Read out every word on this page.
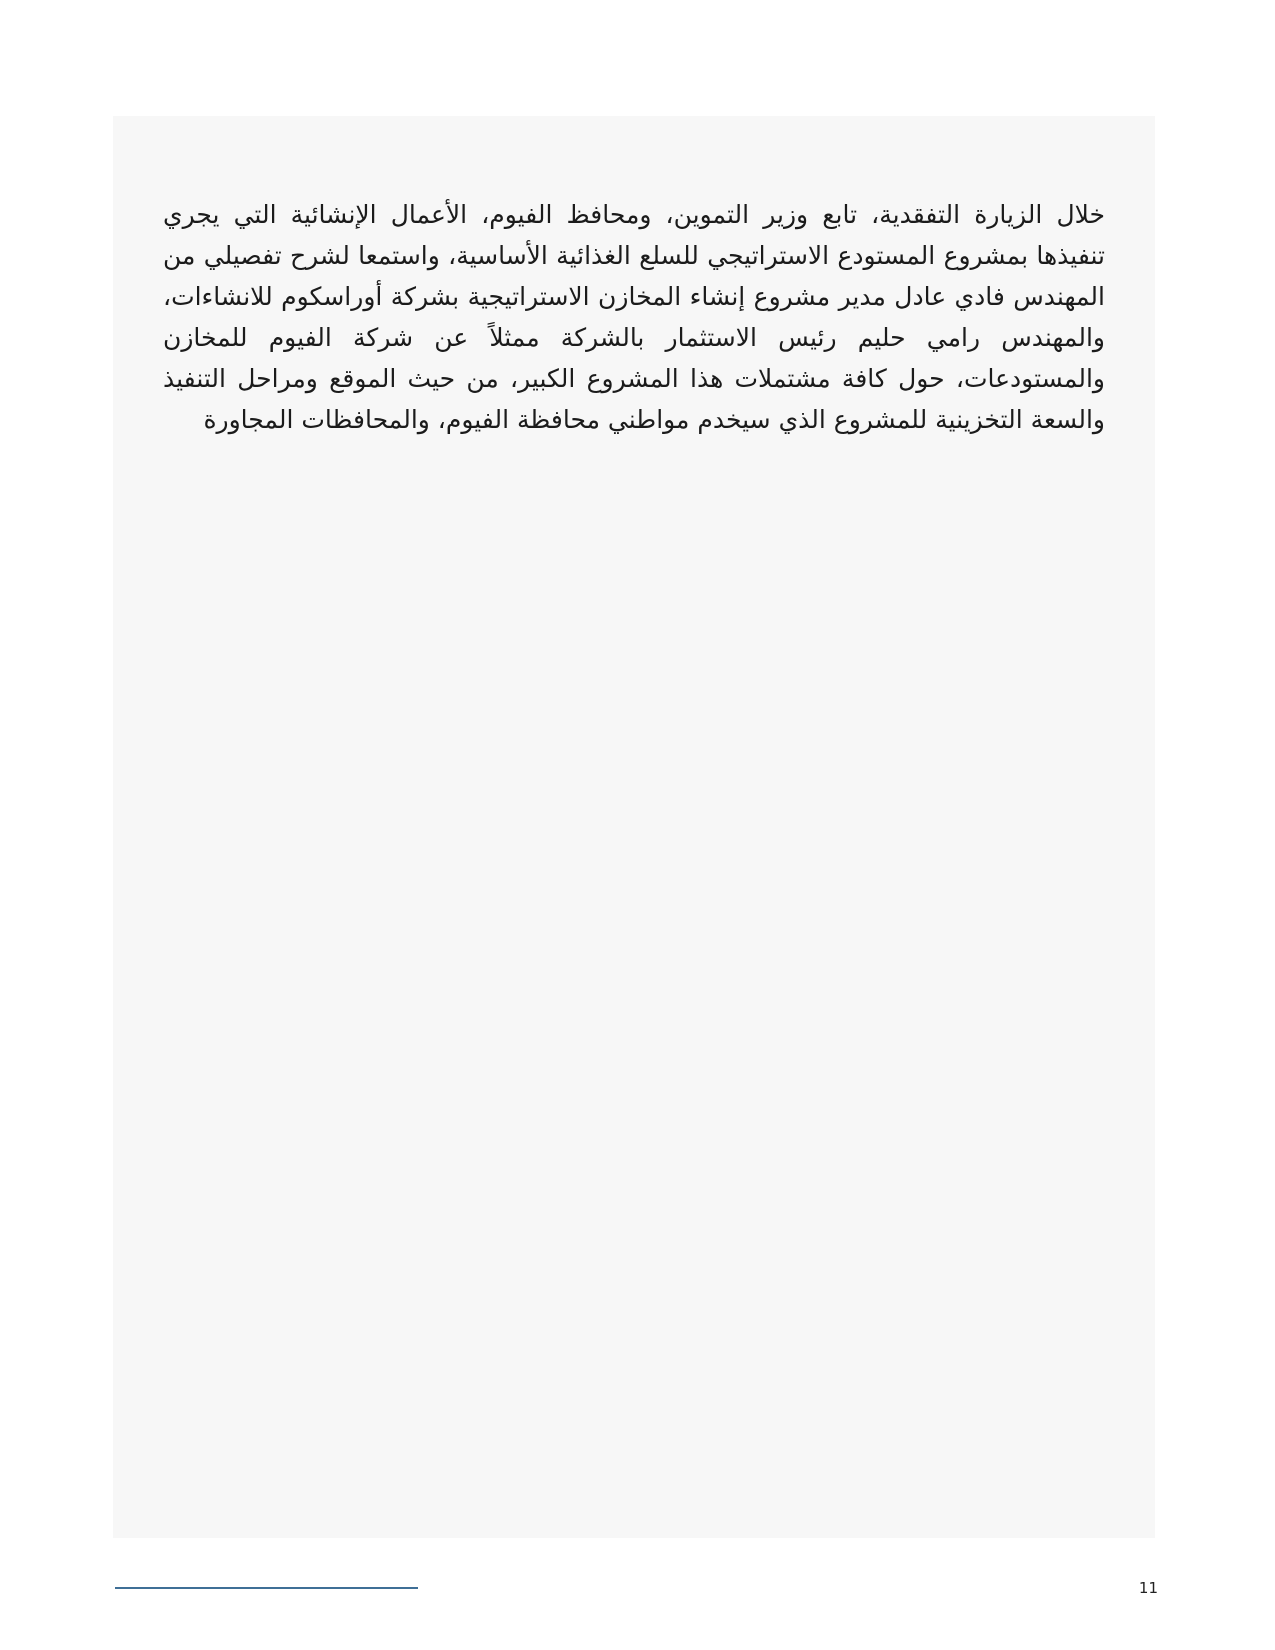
خلال الزيارة التفقدية، تابع وزير التموين، ومحافظ الفيوم، الأعمال الإنشائية التي يجري تنفيذها بمشروع المستودع الاستراتيجي للسلع الغذائية الأساسية، واستمعا لشرح تفصيلي من المهندس فادي عادل مدير مشروع إنشاء المخازن الاستراتيجية بشركة أوراسكوم للانشاءات، والمهندس رامي حليم رئيس الاستثمار بالشركة ممثلاً عن شركة الفيوم للمخازن والمستودعات، حول كافة مشتملات هذا المشروع الكبير، من حيث الموقع ومراحل التنفيذ والسعة التخزينية للمشروع الذي سيخدم مواطني محافظة الفيوم، والمحافظات المجاورة

11
